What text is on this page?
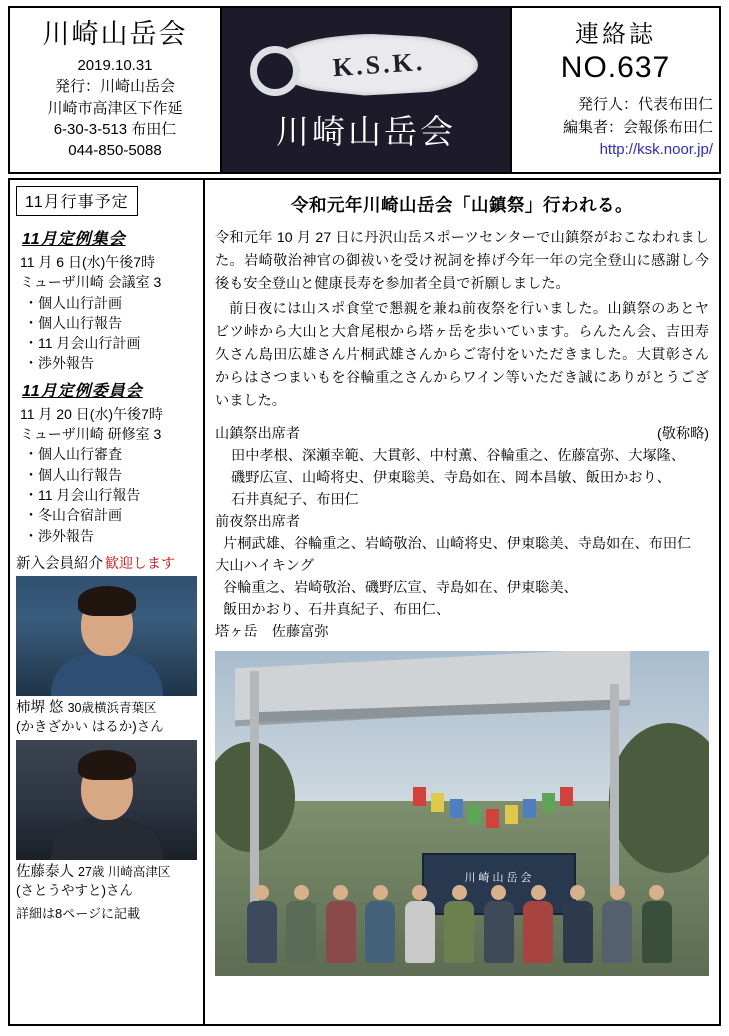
川崎山岳会
2019.10.31
発行：川崎山岳会
川崎市高津区下作延
6-30-3-513 布田仁
044-850-5088
K.S.K.
川崎山岳会
連絡誌
NO.637
発行人：代表布田仁
編集者：会報係布田仁
http://ksk.noor.jp/
11月行事予定
11月定例集会
11 月 6 日(水)午後7時
ミューザ川崎 会議室 3
・個人山行計画
・個人山行報告
・11 月会山行計画
・渉外報告
11月定例委員会
11 月 20 日(水)午後7時
ミューザ川崎 研修室 3
・個人山行審査
・個人山行報告
・11 月会山行報告
・冬山合宿計画
・渉外報告
新入会員紹介 歓迎します
柿堺 悠 30歳横浜青葉区
(かきざかい はるか)さん
佐藤泰人 27歳 川崎高津区
(さとうやすと)さん
詳細は8ページに記載
令和元年川崎山岳会「山鎮祭」行われる。

令和元年 10 月 27 日に丹沢山岳スポーツセンターで山鎮祭がおこなわれました。岩崎敬治神官の御祓いを受け祝詞を捧げ今年一年の完全登山に感謝し今後も安全登山と健康長寿を参加者全員で祈願しました。

前日夜には山スポ食堂で懇親を兼ね前夜祭を行いました。山鎮祭のあとヤビツ峠から大山と大倉尾根から塔ヶ岳を歩いています。らんたん会、吉田寿久さん島田広雄さん片桐武雄さんからご寄付をいただきました。大貫彰さんからはさつまいもを谷輪重之さんからワイン等いただき誠にありがとうございました。

山鎮祭出席者	(敬称略)
田中孝根、深瀬幸範、大貫彰、中村薫、谷輪重之、佐藤富弥、大塚隆、
磯野広宣、山崎将史、伊東聡美、寺島如在、岡本昌敏、飯田かおり、
石井真紀子、布田仁
前夜祭出席者
片桐武雄、谷輪重之、岩崎敬治、山崎将史、伊東聡美、寺島如在、布田仁
大山ハイキング
谷輪重之、岩崎敬治、磯野広宣、寺島如在、伊東聡美、
飯田かおり、石井真紀子、布田仁、
塔ヶ岳　佐藤富弥
川崎山岳会
